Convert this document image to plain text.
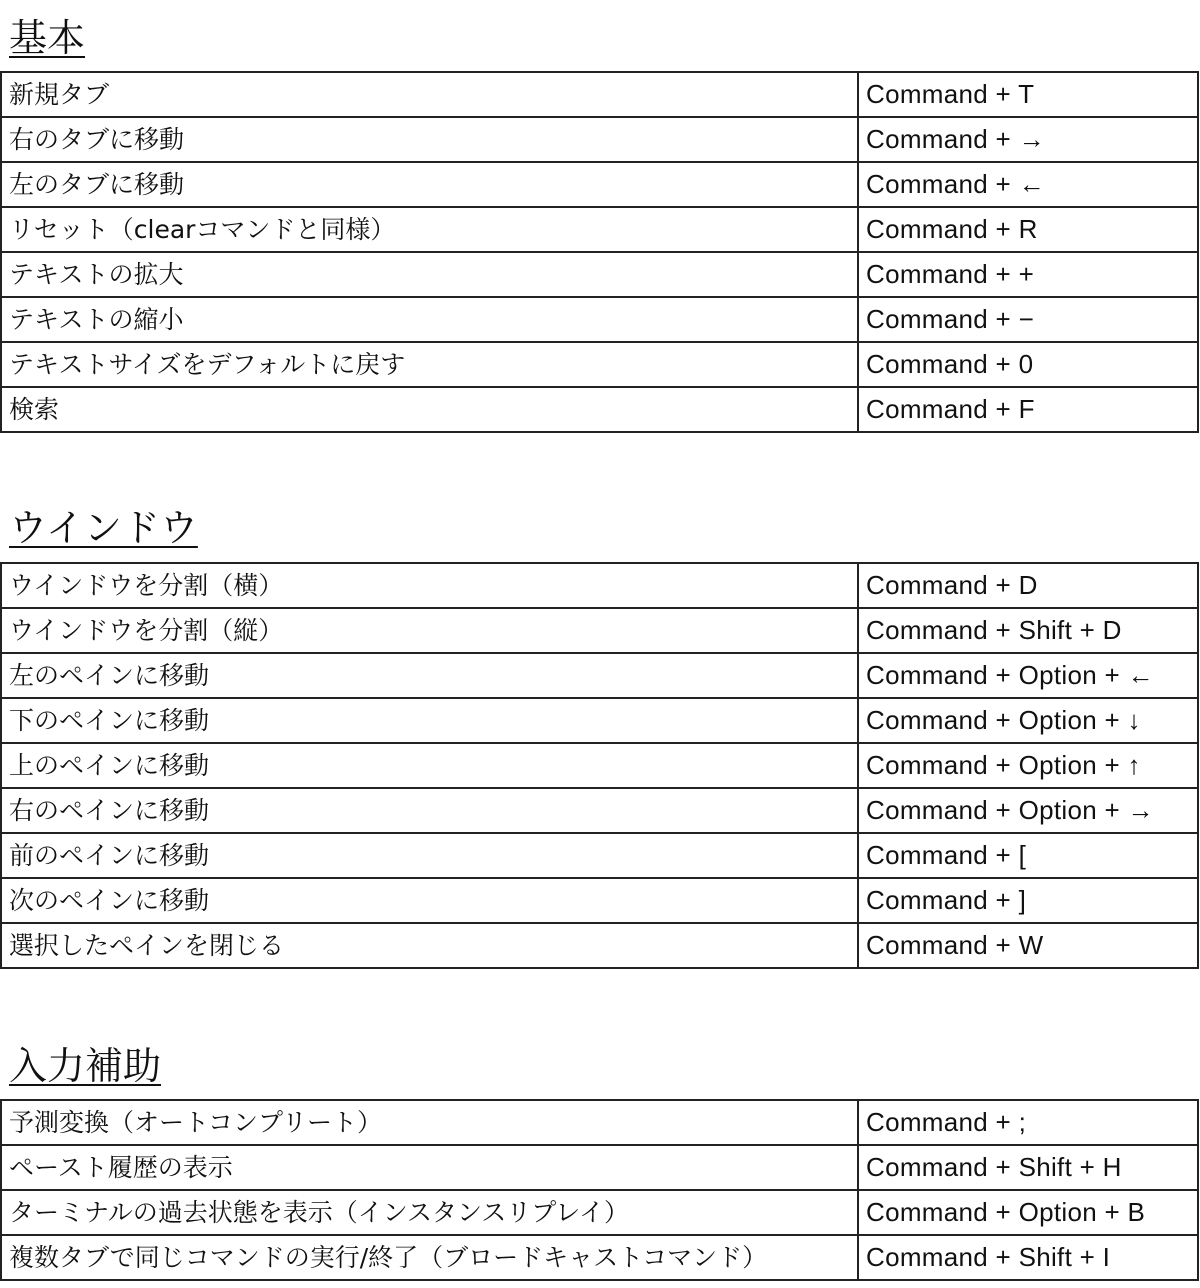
基本
新規タブ	Command + T
右のタブに移動	Command + →
左のタブに移動	Command + ←
リセット（clearコマンドと同様）	Command + R
テキストの拡大	Command + +
テキストの縮小	Command + −
テキストサイズをデフォルトに戻す	Command + 0
検索	Command + F
ウインドウ
ウインドウを分割（横）	Command + D
ウインドウを分割（縦）	Command + Shift + D
左のペインに移動	Command + Option + ←
下のペインに移動	Command + Option + ↓
上のペインに移動	Command + Option + ↑
右のペインに移動	Command + Option + →
前のペインに移動	Command + [
次のペインに移動	Command + ]
選択したペインを閉じる	Command + W
入力補助
予測変換（オートコンプリート）	Command + ;
ペースト履歴の表示	Command + Shift + H
ターミナルの過去状態を表示（インスタンスリプレイ）	Command + Option + B
複数タブで同じコマンドの実行/終了（ブロードキャストコマンド）	Command + Shift + I
